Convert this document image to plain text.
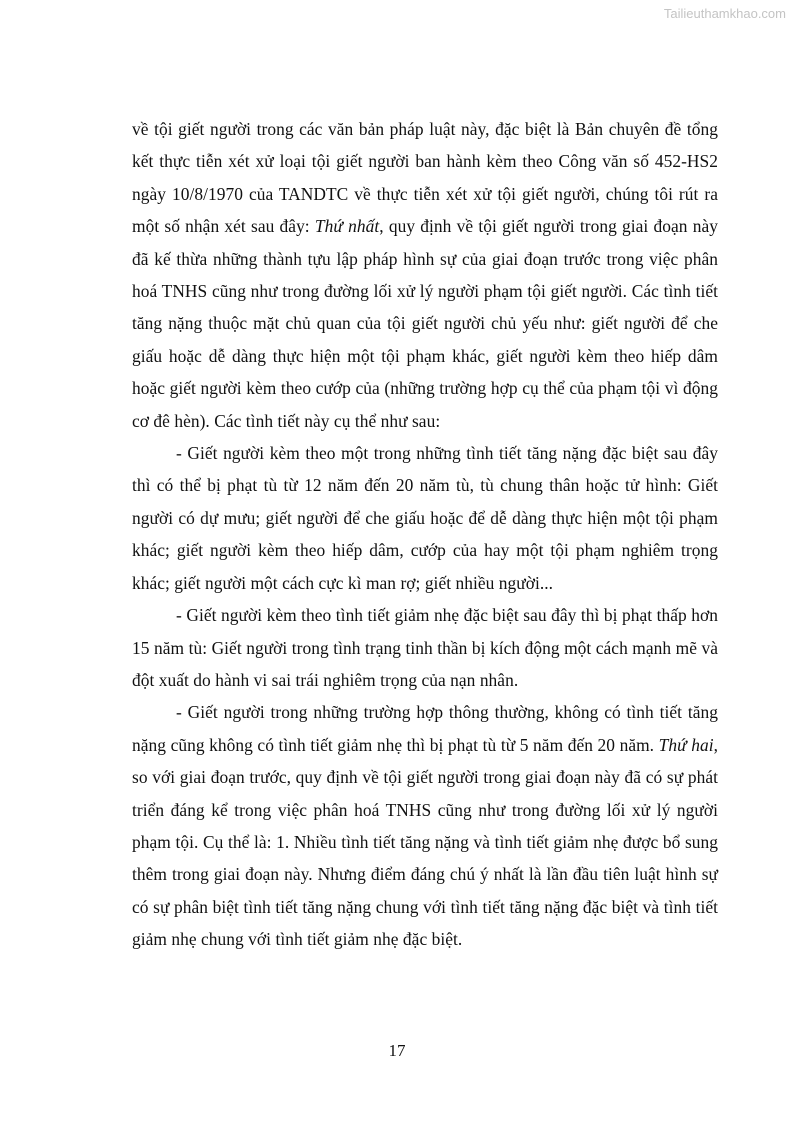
Tailieuthamkhao.com

về tội giết người trong các văn bản pháp luật này, đặc biệt là Bản chuyên đề tổng kết thực tiễn xét xử loại tội giết người ban hành kèm theo Công văn số 452-HS2 ngày 10/8/1970 của TANDTC về thực tiễn xét xử tội giết người, chúng tôi rút ra một số nhận xét sau đây: Thứ nhất, quy định về tội giết người trong giai đoạn này đã kế thừa những thành tựu lập pháp hình sự của giai đoạn trước trong việc phân hoá TNHS cũng như trong đường lối xử lý người phạm tội giết người. Các tình tiết tăng nặng thuộc mặt chủ quan của tội giết người chủ yếu như: giết người để che giấu hoặc dễ dàng thực hiện một tội phạm khác, giết người kèm theo hiếp dâm hoặc giết người kèm theo cướp của (những trường hợp cụ thể của phạm tội vì động cơ đê hèn). Các tình tiết này cụ thể như sau:

- Giết người kèm theo một trong những tình tiết tăng nặng đặc biệt sau đây thì có thể bị phạt tù từ 12 năm đến 20 năm tù, tù chung thân hoặc tử hình: Giết người có dự mưu; giết người để che giấu hoặc để dễ dàng thực hiện một tội phạm khác; giết người kèm theo hiếp dâm, cướp của hay một tội phạm nghiêm trọng khác; giết người một cách cực kì man rợ; giết nhiều người...

- Giết người kèm theo tình tiết giảm nhẹ đặc biệt sau đây thì bị phạt thấp hơn 15 năm tù: Giết người trong tình trạng tinh thần bị kích động một cách mạnh mẽ và đột xuất do hành vi sai trái nghiêm trọng của nạn nhân.

- Giết người trong những trường hợp thông thường, không có tình tiết tăng nặng cũng không có tình tiết giảm nhẹ thì bị phạt tù từ 5 năm đến 20 năm. Thứ hai, so với giai đoạn trước, quy định về tội giết người trong giai đoạn này đã có sự phát triển đáng kể trong việc phân hoá TNHS cũng như trong đường lối xử lý người phạm tội. Cụ thể là: 1. Nhiều tình tiết tăng nặng và tình tiết giảm nhẹ được bổ sung thêm trong giai đoạn này. Nhưng điểm đáng chú ý nhất là lần đầu tiên luật hình sự có sự phân biệt tình tiết tăng nặng chung với tình tiết tăng nặng đặc biệt và tình tiết giảm nhẹ chung với tình tiết giảm nhẹ đặc biệt.

17
